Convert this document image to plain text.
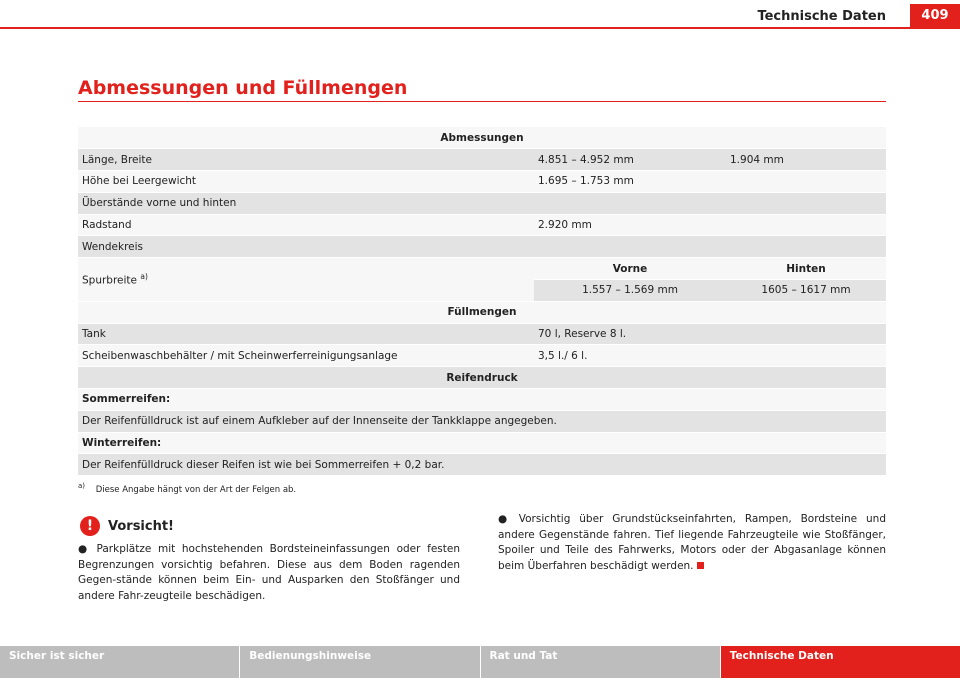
Technische Daten	409
Abmessungen und Füllmengen
Abmessungen		
Länge, Breite	4.851 – 4.952 mm	1.904 mm
Höhe bei Leergewicht	1.695 – 1.753 mm	
Überstände vorne und hinten		
Radstand	2.920 mm	
Wendekreis		
Spurbreite $^{a)}$	Vorne	Hinten
	1.557 – 1.569 mm	1605 – 1617 mm
Füllmengen		
Tank	70 l, Reserve 8 l.	
Scheibenwaschbehälter / mit Scheinwerferreinigungsanlage	3,5 l./ 6 l.	
Reifendruck		
Sommerreifen:		
Der Reifenfülldruck ist auf einem Aufkleber auf der Innenseite der Tankklappe angegeben.		
Winterreifen:		
Der Reifenfülldruck dieser Reifen ist wie bei Sommerreifen + 0,2 bar.		
$^{a)}$ Diese Angabe hängt von der Art der Felgen ab.
!	Vorsicht!
● Parkplätze mit hochstehenden Bordsteineinfassungen oder festen Begrenzungen vorsichtig befahren. Diese aus dem Boden ragenden Gegen-stände können beim Ein- und Ausparken den Stoßfänger und andere Fahr-zeugteile beschädigen.
● Vorsichtig über Grundstückseinfahrten, Rampen, Bordsteine und andere Gegenstände fahren. Tief liegende Fahrzeugteile wie Stoßfänger, Spoiler und Teile des Fahrwerks, Motors oder der Abgasanlage können beim Überfahren beschädigt werden.
Sicher ist sicher	Bedienungshinweise	Rat und Tat	Technische Daten
